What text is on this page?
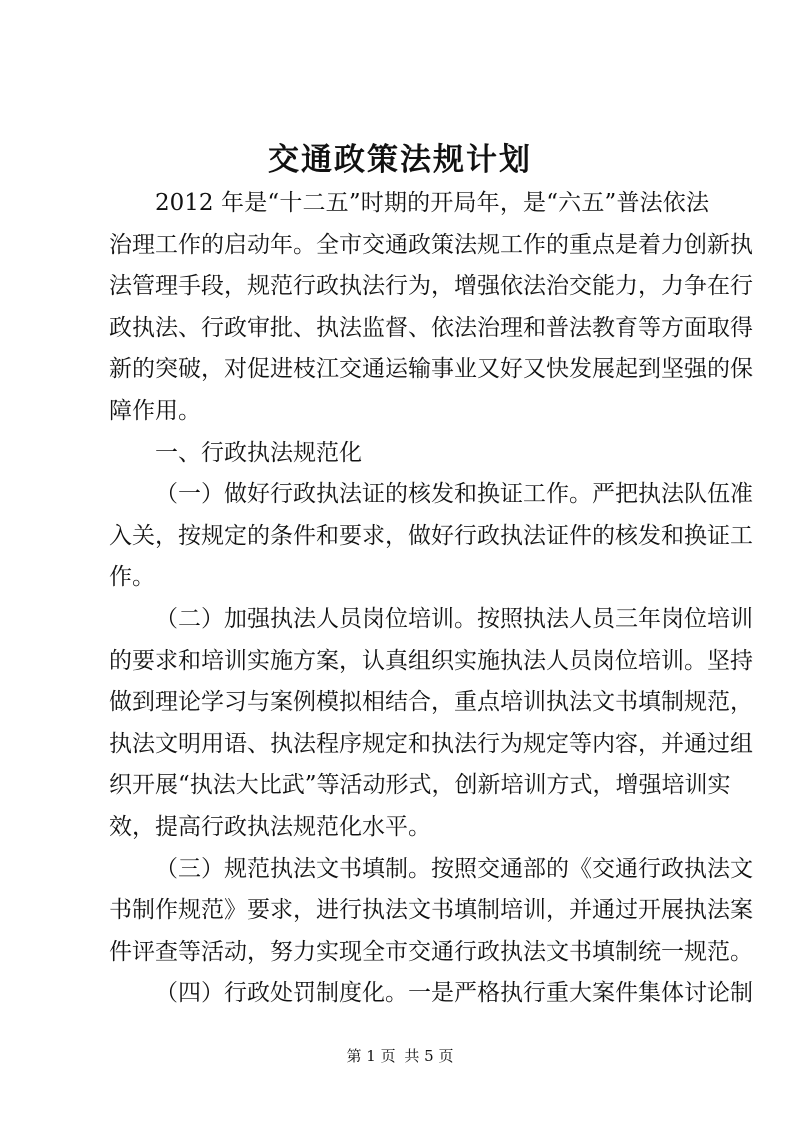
交通政策法规计划
2012 年是“十二五”时期的开局年，是“六五”普法依法
治理工作的启动年。全市交通政策法规工作的重点是着力创新执
法管理手段，规范行政执法行为，增强依法治交能力，力争在行
政执法、行政审批、执法监督、依法治理和普法教育等方面取得
新的突破，对促进枝江交通运输事业又好又快发展起到坚强的保
障作用。
一、行政执法规范化
（一）做好行政执法证的核发和换证工作。严把执法队伍准
入关，按规定的条件和要求，做好行政执法证件的核发和换证工
作。
（二）加强执法人员岗位培训。按照执法人员三年岗位培训
的要求和培训实施方案，认真组织实施执法人员岗位培训。坚持
做到理论学习与案例模拟相结合，重点培训执法文书填制规范，
执法文明用语、执法程序规定和执法行为规定等内容，并通过组
织开展“执法大比武”等活动形式，创新培训方式，增强培训实
效，提高行政执法规范化水平。
（三）规范执法文书填制。按照交通部的《交通行政执法文
书制作规范》要求，进行执法文书填制培训，并通过开展执法案
件评查等活动，努力实现全市交通行政执法文书填制统一规范。
（四）行政处罚制度化。一是严格执行重大案件集体讨论制
第 1 页 共 5 页
